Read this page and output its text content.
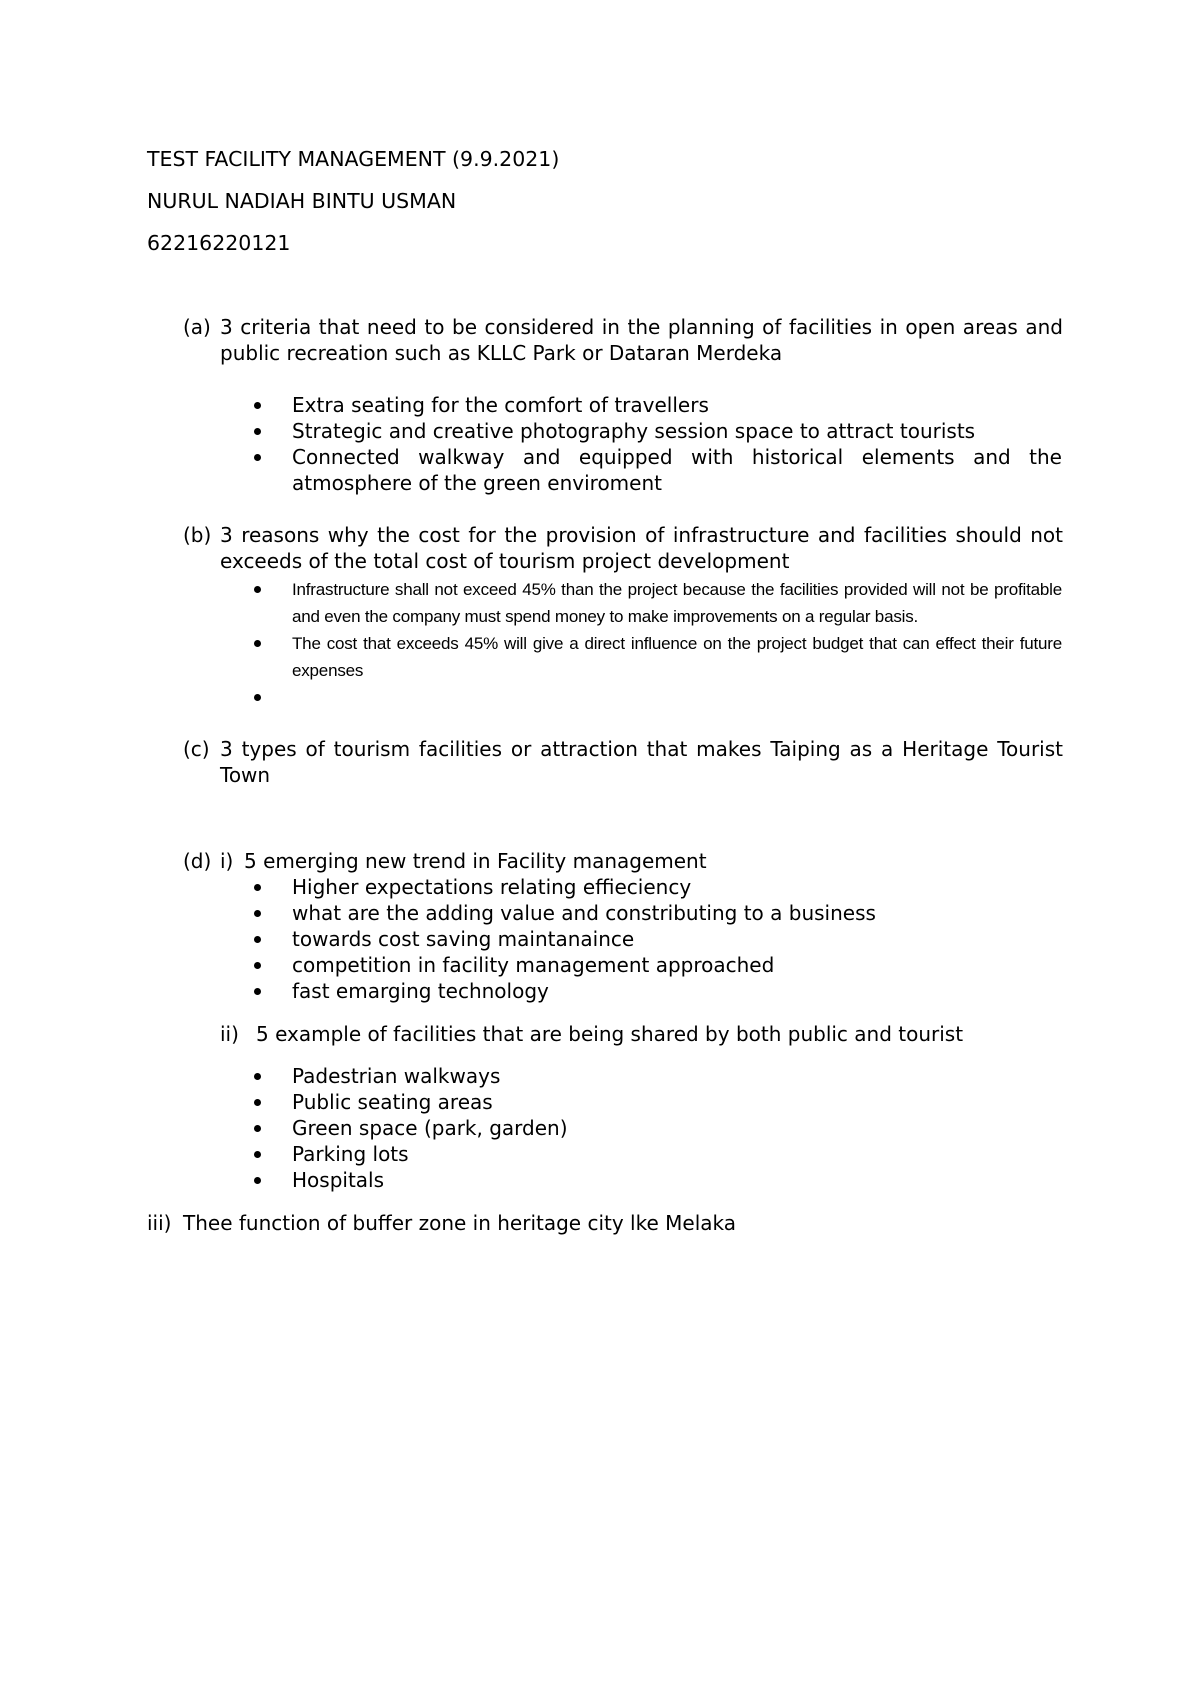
TEST FACILITY MANAGEMENT (9.9.2021)

NURUL NADIAH BINTU USMAN

62216220121

(a) 3 criteria that need to be considered in the planning of facilities in open areas and public recreation such as KLLC Park or Dataran Merdeka
Extra seating for the comfort of travellers
Strategic and creative photography session space to attract tourists
Connected walkway and equipped with historical elements and the atmosphere of the green enviroment
(b) 3 reasons why the cost for the provision of infrastructure and facilities should not exceeds of the total cost of tourism project development
Infrastructure shall not exceed 45% than the project because the facilities provided will not be profitable and even the company must spend money to make improvements on a regular basis.
The cost that exceeds 45% will give a direct influence on the project budget that can effect their future expenses
(c) 3 types of tourism facilities or attraction that makes Taiping as a Heritage Tourist Town
(d) i) 5 emerging new trend in Facility management
Higher expectations relating effieciency
what are the adding value and constributing to a business
towards cost saving maintanaince
competition in facility management approached
fast emarging technology
ii) 5 example of facilities that are being shared by both public and tourist
Padestrian walkways
Public seating areas
Green space (park, garden)
Parking lots
Hospitals
iii) Thee function of buffer zone in heritage city lke Melaka
